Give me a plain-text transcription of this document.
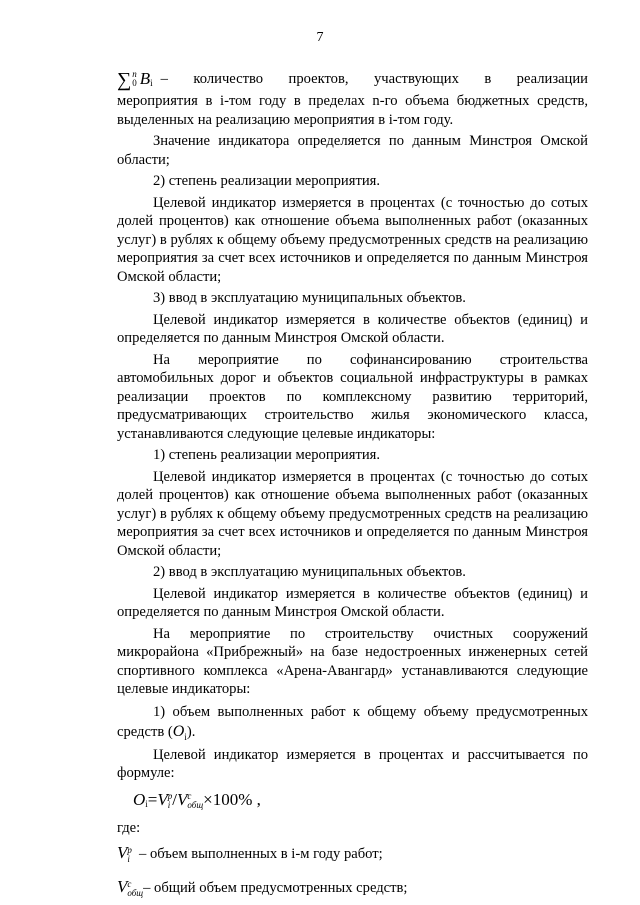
7
∑ n
0 B i – количество проектов, участвующих в реализации

мероприятия в i-том году в пределах n-го объема бюджетных средств,

выделенных на реализацию мероприятия в i-том году.

Значение индикатора определяется по данным Минстроя Омской области;

2) степень реализации мероприятия.

Целевой индикатор измеряется в процентах (с точностью до сотых долей процентов) как отношение объема выполненных работ (оказанных услуг) в рублях к общему объему предусмотренных средств на реализацию мероприятия за счет всех источников и определяется по данным Минстроя Омской области;

3) ввод в эксплуатацию муниципальных объектов.

Целевой индикатор измеряется в количестве объектов (единиц) и определяется по данным Минстроя Омской области.

На мероприятие по софинансированию строительства автомобильных дорог и объектов социальной инфраструктуры в рамках реализации проектов по комплексному развитию территорий, предусматривающих строительство жилья экономического класса, устанавливаются следующие целевые индикаторы:

1) степень реализации мероприятия.

Целевой индикатор измеряется в процентах (с точностью до сотых долей процентов) как отношение объема выполненных работ (оказанных услуг) в рублях к общему объему предусмотренных средств на реализацию мероприятия за счет всех источников и определяется по данным Минстроя Омской области;

2) ввод в эксплуатацию муниципальных объектов.

Целевой индикатор измеряется в количестве объектов (единиц) и определяется по данным Минстроя Омской области.

На мероприятие по строительству очистных сооружений микрорайона «Прибрежный» на базе недостроенных инженерных сетей спортивного комплекса «Арена-Авангард» устанавливаются следующие целевые индикаторы:

1) объем выполненных работ к общему объему предусмотренных средств $(O_i)$.

Целевой индикатор измеряется в процентах и рассчитывается по формуле:

O i = V p
i / V c
общ ×100% ,

где:

V p
i – объем выполненных в i-м году работ;
V c
общ – общий объем предусмотренных средств;
